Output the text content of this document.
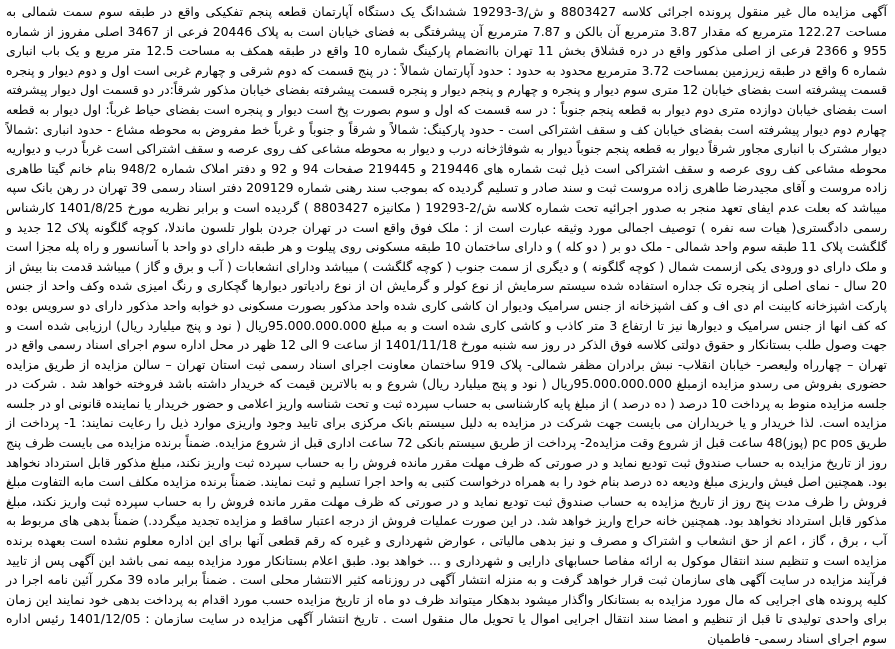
آگهی مزایده مال غیر منقول پرونده اجرائی کلاسه 8803427 و ش/3-19293 ششدانگ یک دستگاه آپارتمان قطعه پنجم تفکیکی واقع در طبقه سوم سمت شمالی به مساحت 122.27 مترمربع که مقدار 3.87 مترمربع آن بالکن و 7.87 مترمربع آن پیشرفتگی به فضای خیابان است به پلاک 20446 فرعی از 3467 اصلی مفروز از شماره 955 و 2366 فرعی از اصلی مذکور واقع در دره قشلاق بخش 11 تهران باانضمام پارکینگ شماره 10 واقع در طبقه همکف به مساحت 12.5 متر مربع و یک باب انباری شماره 6 واقع در طبقه زیرزمین بمساحت 3.72 مترمربع محدود به حدود : حدود آپارتمان شمالاً : در پنج قسمت که دوم شرقی و چهارم غربی است اول و دوم دیوار و پنجره قسمت پیشرفته است بفضای خیابان 12 متری سوم دیوار و پنجره و چهارم و پنجم دیوار و پنجره قسمت پیشرفته بفضای خیابان مذکور شرقاً:در دو قسمت اول دیوار پیشرفته است بفضای خیابان دوازده متری دوم دیوار به قطعه پنجم جنوباً : در سه قسمت که اول و سوم بصورت پخ است دیوار و پنجره است بفضای حیاط غرباً: اول دیوار به قطعه چهارم دوم دیوار پیشرفته است بفضای خیابان کف و سقف اشتراکی است - حدود پارکینگ: شمالاً و شرقاً و جنوباً و غرباً خط مفروض به محوطه مشاع - حدود انباری :شمالاً دیوار مشترک با انباری مجاور شرقاً دیوار به قطعه پنجم جنوباً دیوار به شوفاژخانه درب و دیوار به محوطه مشاعی کف روی عرصه و سقف اشتراکی است غرباً درب و دیواریه محوطه مشاعی کف روی عرصه و سقف اشتراکی است ذیل ثبت شماره های 219446 و 219445 صفحات 94 و 92 و دفتر املاک شماره 948/2 بنام خانم گیتا طاهری زاده مروست و آقای مجیدرضا طاهری زاده مروست ثبت و سند صادر و تسلیم گردیده که بموجب سند رهنی شماره 209129 دفتر اسناد رسمی 39 تهران در رهن بانک سپه میباشد که بعلت عدم ایفای تعهد منجر به صدور اجرائیه تحت شماره کلاسه ش/2-19293 ( مکانیزه 8803427 ) گردیده است و برابر نظریه مورخ 1401/8/25 کارشناس رسمی دادگستری( هیات سه نفره ) توصیف اجمالی مورد وثیقه عبارت است از : ملک فوق واقع است در تهران جردن بلوار تلسون ماندلا، کوچه گلگونه پلاک 12 جدید و گلگشت پلاک 11 طبقه سوم واحد شمالی - ملک دو بر ( دو کله ) و دارای ساختمان 10 طبقه مسکونی روی پیلوت و هر طبقه دارای دو واحد با آسانسور و راه پله مجزا است و ملک دارای دو ورودی یکی ازسمت شمال ( کوچه گلگونه ) و دیگری از سمت جنوب ( کوچه گلگشت ) میباشد ودارای انشعابات ( آب و برق و گاز ) میباشد قدمت بنا بیش از 20 سال - نمای اصلی از پنجره تک جداره استفاده شده سیستم سرمایش از نوع کولر و گرمایش ان از نوع رادیاتور دیوارها گچکاری و رنگ امیزی شده وکف واحد از جنس پارکت اشپزخانه کابینت ام دی اف و کف اشپزخانه از جنس سرامیک ودیوار ان کاشی کاری شده واحد مذکور بصورت مسکونی دو خوابه واحد مذکور دارای دو سرویس بوده که کف انها از جنس سرامیک و دیوارها نیز تا ارتفاع 3 متر کاذب و کاشی کاری شده است و به مبلغ 95.000.000.000ریال ( نود و پنج میلیارد ریال) ارزیابی شده است و جهت وصول طلب بستانکار و حقوق دولتی کلاسه فوق الذکر در روز سه شنبه مورخ 1401/11/18 از ساعت 9 الی 12 ظهر در محل اداره سوم اجرای اسناد رسمی واقع در تهران – چهارراه ولیعصر- خیابان انقلاب- نبش برادران مظفر شمالی- پلاک 919 ساختمان معاونت اجرای اسناد رسمی ثبت استان تهران – سالن مزایده از طریق مزایده حضوری بفروش می رسدو مزایده ازمبلغ 95.000.000.000ریال ( نود و پنج میلیارد ریال) شروع و به بالاترین قیمت که خریدار داشته باشد فروخته خواهد شد . شرکت در جلسه مزایده منوط به پرداخت 10 درصد ( ده درصد ) از مبلغ پایه کارشناسی به حساب سپرده ثبت و تحت شناسه واریز اعلامی و حضور خریدار یا نماینده قانونی او در جلسه مزایده است. لذا خریدار و یا خریداران می بایست جهت شرکت در مزایده به دلیل سیستم بانک مرکزی برای تایید وجود واریزی موارد ذیل را رعایت نمایند: 1- پرداخت از طریق pc pos (پوز)48 ساعت قبل از شروع وقت مزایده2- پرداخت از طریق سیستم بانکی 72 ساعت اداری قبل از شروع مزایده. ضمناً برنده مزایده می بایست ظرف پنج روز از تاریخ مزایده به حساب صندوق ثبت تودیع نماید و در صورتی که ظرف مهلت مقرر مانده فروش را به حساب سپرده ثبت واریز نکند، مبلغ مذکور قابل استرداد نخواهد بود. همچنین اصل فیش واریزی مبلغ ودیعه ده درصد بنام خود را به همراه درخواست کتبی به واحد اجرا تسلیم و ثبت نمایند. ضمناً برنده مزایده مکلف است مابه التفاوت مبلغ فروش را ظرف مدت پنج روز از تاریخ مزایده به حساب صندوق ثبت تودیع نماید و در صورتی که ظرف مهلت مقرر مانده فروش را به حساب سپرده ثبت واریز نکند، مبلغ مذکور قابل استرداد نخواهد بود. همچنین خانه حراج واریز خواهد شد. در این صورت عملیات فروش از درجه اعتبار ساقط و مزایده تجدید میگردد.) ضمناً بدهی های مربوط به آب ، برق ، گاز ، اعم از حق انشعاب و اشتراک و مصرف و نیز بدهی مالیاتی ، عوارض شهرداری و غیره که رقم قطعی آنها برای این اداره معلوم نشده است بعهده برنده مزایده است و تنظیم سند انتقال موکول به ارائه مفاصا حسابهای دارایی و شهرداری و ... خواهد بود. طبق اعلام بستانکار مورد مزایده بیمه نمی باشد این آگهی پس از تایید فرآیند مزایده در سایت آگهی های سازمان ثبت قرار خواهد گرفت و به منزله انتشار آگهی در روزنامه کثیر الانتشار محلی است . ضمناً برابر ماده 39 مکرر آئین نامه اجرا در کلیه پرونده های اجرایی که مال مورد مزایده به بستانکار واگذار میشود بدهکار میتواند ظرف دو ماه از تاریخ مزایده حسب مورد اقدام به پرداخت بدهی خود نمایند این زمان برای واحدی تولیدی تا قبل از تنظیم و امضا سند انتقال اجرایی اموال یا تحویل مال منقول است . تاریخ انتشار آگهی مزایده در سایت سازمان : 1401/12/05 رئیس اداره سوم اجرای اسناد رسمی- فاطمیان
